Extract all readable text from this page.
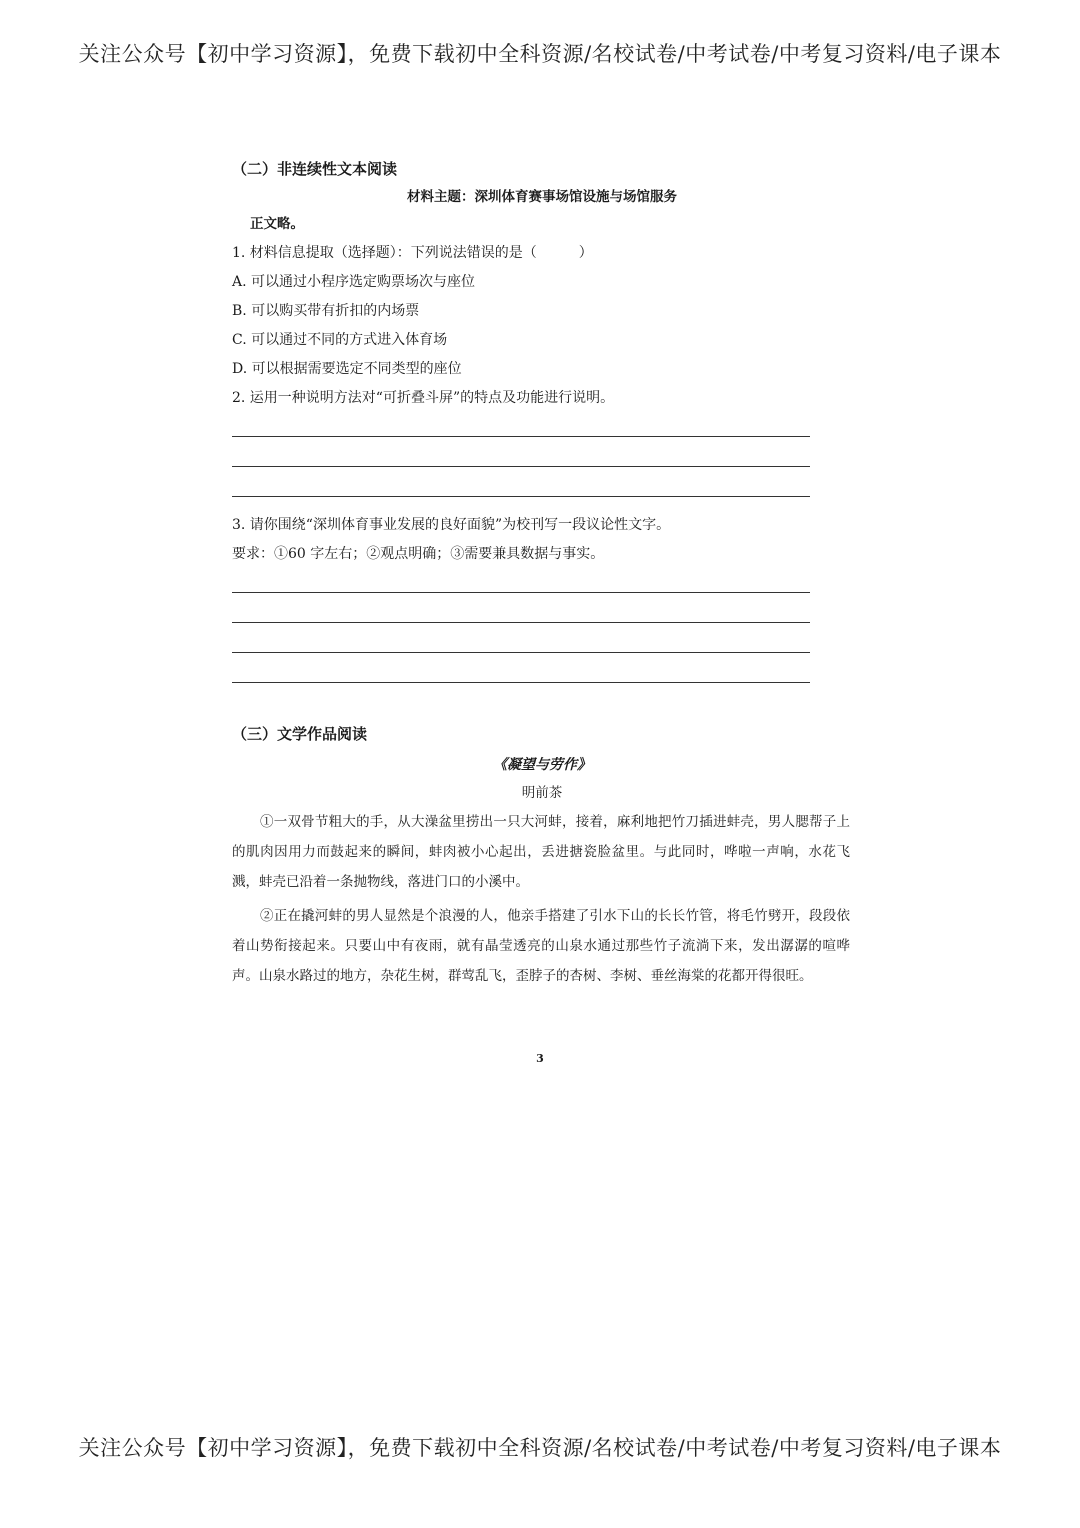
关注公众号【初中学习资源】，免费下载初中全科资源/名校试卷/中考试卷/中考复习资料/电子课本
（二）非连续性文本阅读
材料主题：深圳体育赛事场馆设施与场馆服务
正文略。
1. 材料信息提取（选择题）：下列说法错误的是（　　　）
A. 可以通过小程序选定购票场次与座位
B. 可以购买带有折扣的内场票
C. 可以通过不同的方式进入体育场
D. 可以根据需要选定不同类型的座位
2. 运用一种说明方法对“可折叠斗屏”的特点及功能进行说明。
3. 请你围绕“深圳体育事业发展的良好面貌”为校刊写一段议论性文字。
要求：①60 字左右；②观点明确；③需要兼具数据与事实。
（三）文学作品阅读
《凝望与劳作》
明前茶

①一双骨节粗大的手，从大澡盆里捞出一只大河蚌，接着，麻利地把竹刀插进蚌壳，男人腮帮子上的肌肉因用力而鼓起来的瞬间，蚌肉被小心起出，丢进搪瓷脸盆里。与此同时，哗啦一声响，水花飞溅，蚌壳已沿着一条抛物线，落进门口的小溪中。

②正在撬河蚌的男人显然是个浪漫的人，他亲手搭建了引水下山的长长竹管，将毛竹劈开，段段依着山势衔接起来。只要山中有夜雨，就有晶莹透亮的山泉水通过那些竹子流淌下来，发出潺潺的喧哗声。山泉水路过的地方，杂花生树，群莺乱飞，歪脖子的杏树、李树、垂丝海棠的花都开得很旺。

3
关注公众号【初中学习资源】，免费下载初中全科资源/名校试卷/中考试卷/中考复习资料/电子课本
